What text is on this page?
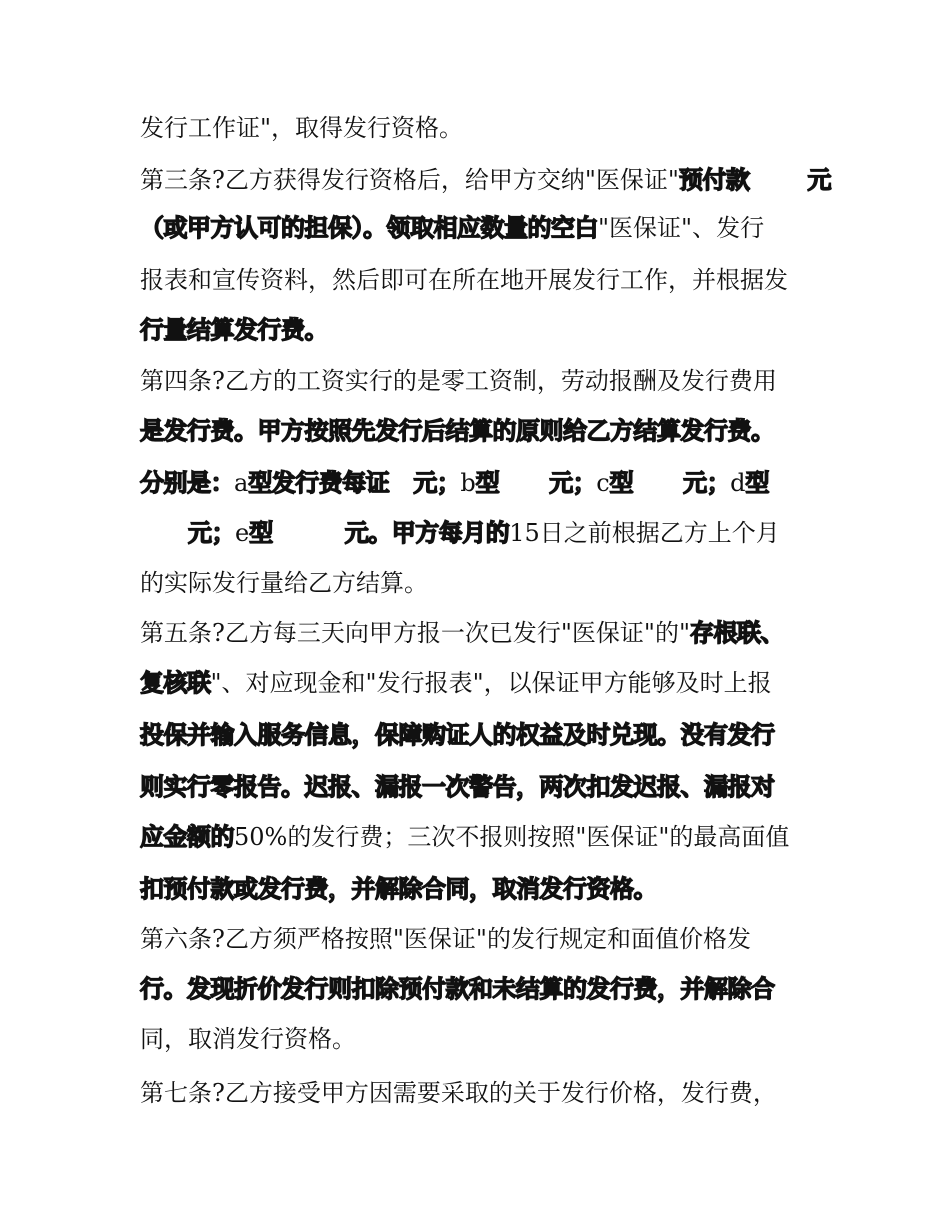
发行工作证"，取得发行资格。
第三条?乙方获得发行资格后，给甲方交纳"医保证"预付款 元
（或甲方认可的担保）。领取相应数量的空白"医保证"、发行
报表和宣传资料，然后即可在所在地开展发行工作，并根据发
行量结算发行费。
第四条?乙方的工资实行的是零工资制，劳动报酬及发行费用
是发行费。甲方按照先发行后结算的原则给乙方结算发行费。
分别是：a型发行费每证 元；b型 元；c型 元；d型
元；e型	元。甲方每月的15日之前根据乙方上个月
的实际发行量给乙方结算。
第五条?乙方每三天向甲方报一次已发行"医保证"的"存根联、
复核联"、对应现金和"发行报表"，以保证甲方能够及时上报
投保并输入服务信息，保障购证人的权益及时兑现。没有发行
则实行零报告。迟报、漏报一次警告，两次扣发迟报、漏报对
应金额的50%的发行费；三次不报则按照"医保证"的最高面值
扣预付款或发行费，并解除合同，取消发行资格。
第六条?乙方须严格按照"医保证"的发行规定和面值价格发
行。发现折价发行则扣除预付款和未结算的发行费，并解除合
同，取消发行资格。
第七条?乙方接受甲方因需要采取的关于发行价格，发行费，
